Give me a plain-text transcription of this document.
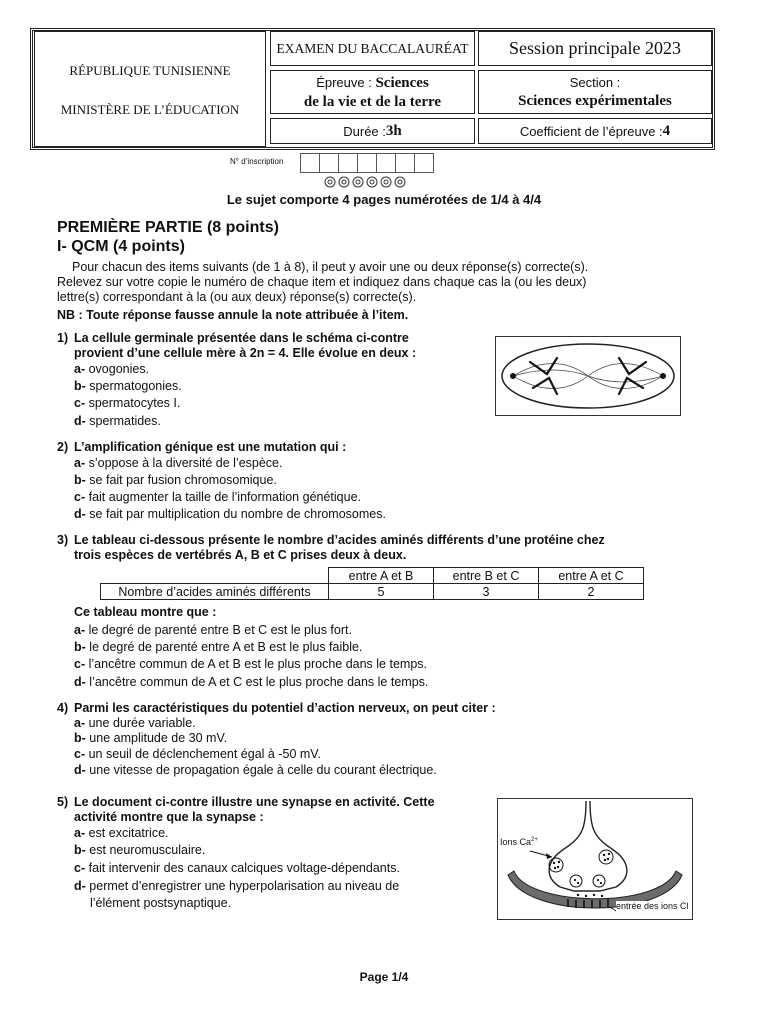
RÉPUBLIQUE TUNISIENNE
MINISTÈRE DE L’ÉDUCATION
EXAMEN DU BACCALAURÉAT	Session principale 2023
Épreuve : Sciences
de la vie et de la terre
Section :
Sciences expérimentales
Durée : 3h	Coefficient de l’épreuve : 4
N° d’inscription
Le sujet comporte 4 pages numérotées de 1/4 à 4/4
PREMIÈRE PARTIE (8 points)
I- QCM (4 points)
Pour chacun des items suivants (de 1 à 8), il peut y avoir une ou deux réponse(s) correcte(s).
Relevez sur votre copie le numéro de chaque item et indiquez dans chaque cas la (ou les deux)
lettre(s) correspondant à la (ou aux deux) réponse(s) correcte(s).
NB : Toute réponse fausse annule la note attribuée à l’item.
1) La cellule germinale présentée dans le schéma ci-contre
provient d’une cellule mère à 2n = 4. Elle évolue en deux :
a- ovogonies.
b- spermatogonies.
c- spermatocytes I.
d- spermatides.
2) L’amplification génique est une mutation qui :
a- s’oppose à la diversité de l’espèce.
b- se fait par fusion chromosomique.
c- fait augmenter la taille de l’information génétique.
d- se fait par multiplication du nombre de chromosomes.
3) Le tableau ci-dessous présente le nombre d’acides aminés différents d’une protéine chez
trois espèces de vertébrés A, B et C prises deux à deux.
	entre A et B	entre B et C	entre A et C
Nombre d’acides aminés différents	5	3	2
Ce tableau montre que :
a- le degré de parenté entre B et C est le plus fort.
b- le degré de parenté entre A et B est le plus faible.
c- l’ancêtre commun de A et B est le plus proche dans le temps.
d- l’ancêtre commun de A et C est le plus proche dans le temps.
4) Parmi les caractéristiques du potentiel d’action nerveux, on peut citer :
a- une durée variable.
b- une amplitude de 30 mV.
c- un seuil de déclenchement égal à -50 mV.
d- une vitesse de propagation égale à celle du courant électrique.
5) Le document ci-contre illustre une synapse en activité. Cette
activité montre que la synapse :
a- est excitatrice.
b- est neuromusculaire.
c- fait intervenir des canaux calciques voltage-dépendants.
d- permet d’enregistrer une hyperpolarisation au niveau de
l’élément postsynaptique.
Ions $Ca^{2+}$
entrée des ions Cl
Page 1/4
